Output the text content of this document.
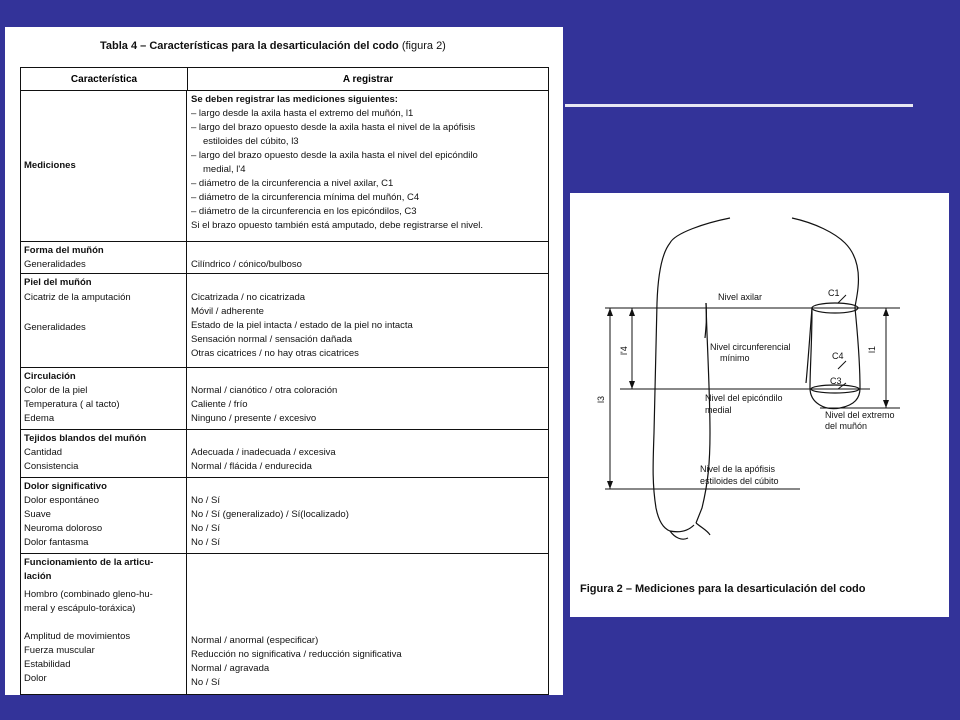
Tabla 4 – Características para la desarticulación del codo (figura 2)
Característica	A registrar
Mediciones
Se deben registrar las mediciones siguientes:
– largo desde la axila hasta el extremo del muñón, l1
– largo del brazo opuesto desde la axila hasta el nivel de la apófisis
estiloides del cúbito, l3
– largo del brazo opuesto desde la axila hasta el nivel del epicóndilo
medial, l'4
– diámetro de la circunferencia a nivel axilar, C1
– diámetro de la circunferencia mínima del muñón, C4
– diámetro de la circunferencia en los epicóndilos, C3
Si el brazo opuesto también está amputado, debe registrarse el nivel.
Forma del muñón
Generalidades	Cilíndrico / cónico/bulboso
Piel del muñón
Cicatriz de la amputación
Generalidades
Cicatrizada / no cicatrizada
Móvil / adherente
Estado de la piel intacta / estado de la piel no intacta
Sensación normal / sensación dañada
Otras cicatrices / no hay otras cicatrices
Circulación
Color de la piel
Temperatura ( al tacto)
Edema
Normal / cianótico / otra coloración
Caliente / frío
Ninguno / presente / excesivo
Tejidos blandos del muñón
Cantidad
Consistencia
Adecuada / inadecuada / excesiva
Normal / flácida / endurecida
Dolor significativo
Dolor espontáneo
Suave
Neuroma doloroso
Dolor fantasma
No / Sí
No / Sí (generalizado) / Sí(localizado)
No / Sí
No / Sí
Funcionamiento de la articu-
lación
Hombro (combinado gleno-hu-
meral y escápulo-toráxica)
Amplitud de movimientos
Fuerza muscular
Estabilidad
Dolor
Normal / anormal (especificar)
Reducción no significativa / reducción significativa
Normal / agravada
No / Sí
Nivel axilar
Nivel circunferencial
mínimo
Nivel del epicóndilo
medial
Nivel de la apófisis
estiloides del cúbito
Nivel del extremo
del muñón
C1
C4
C3
l1
l'4
l3
Figura 2 – Mediciones para la desarticulación del codo
